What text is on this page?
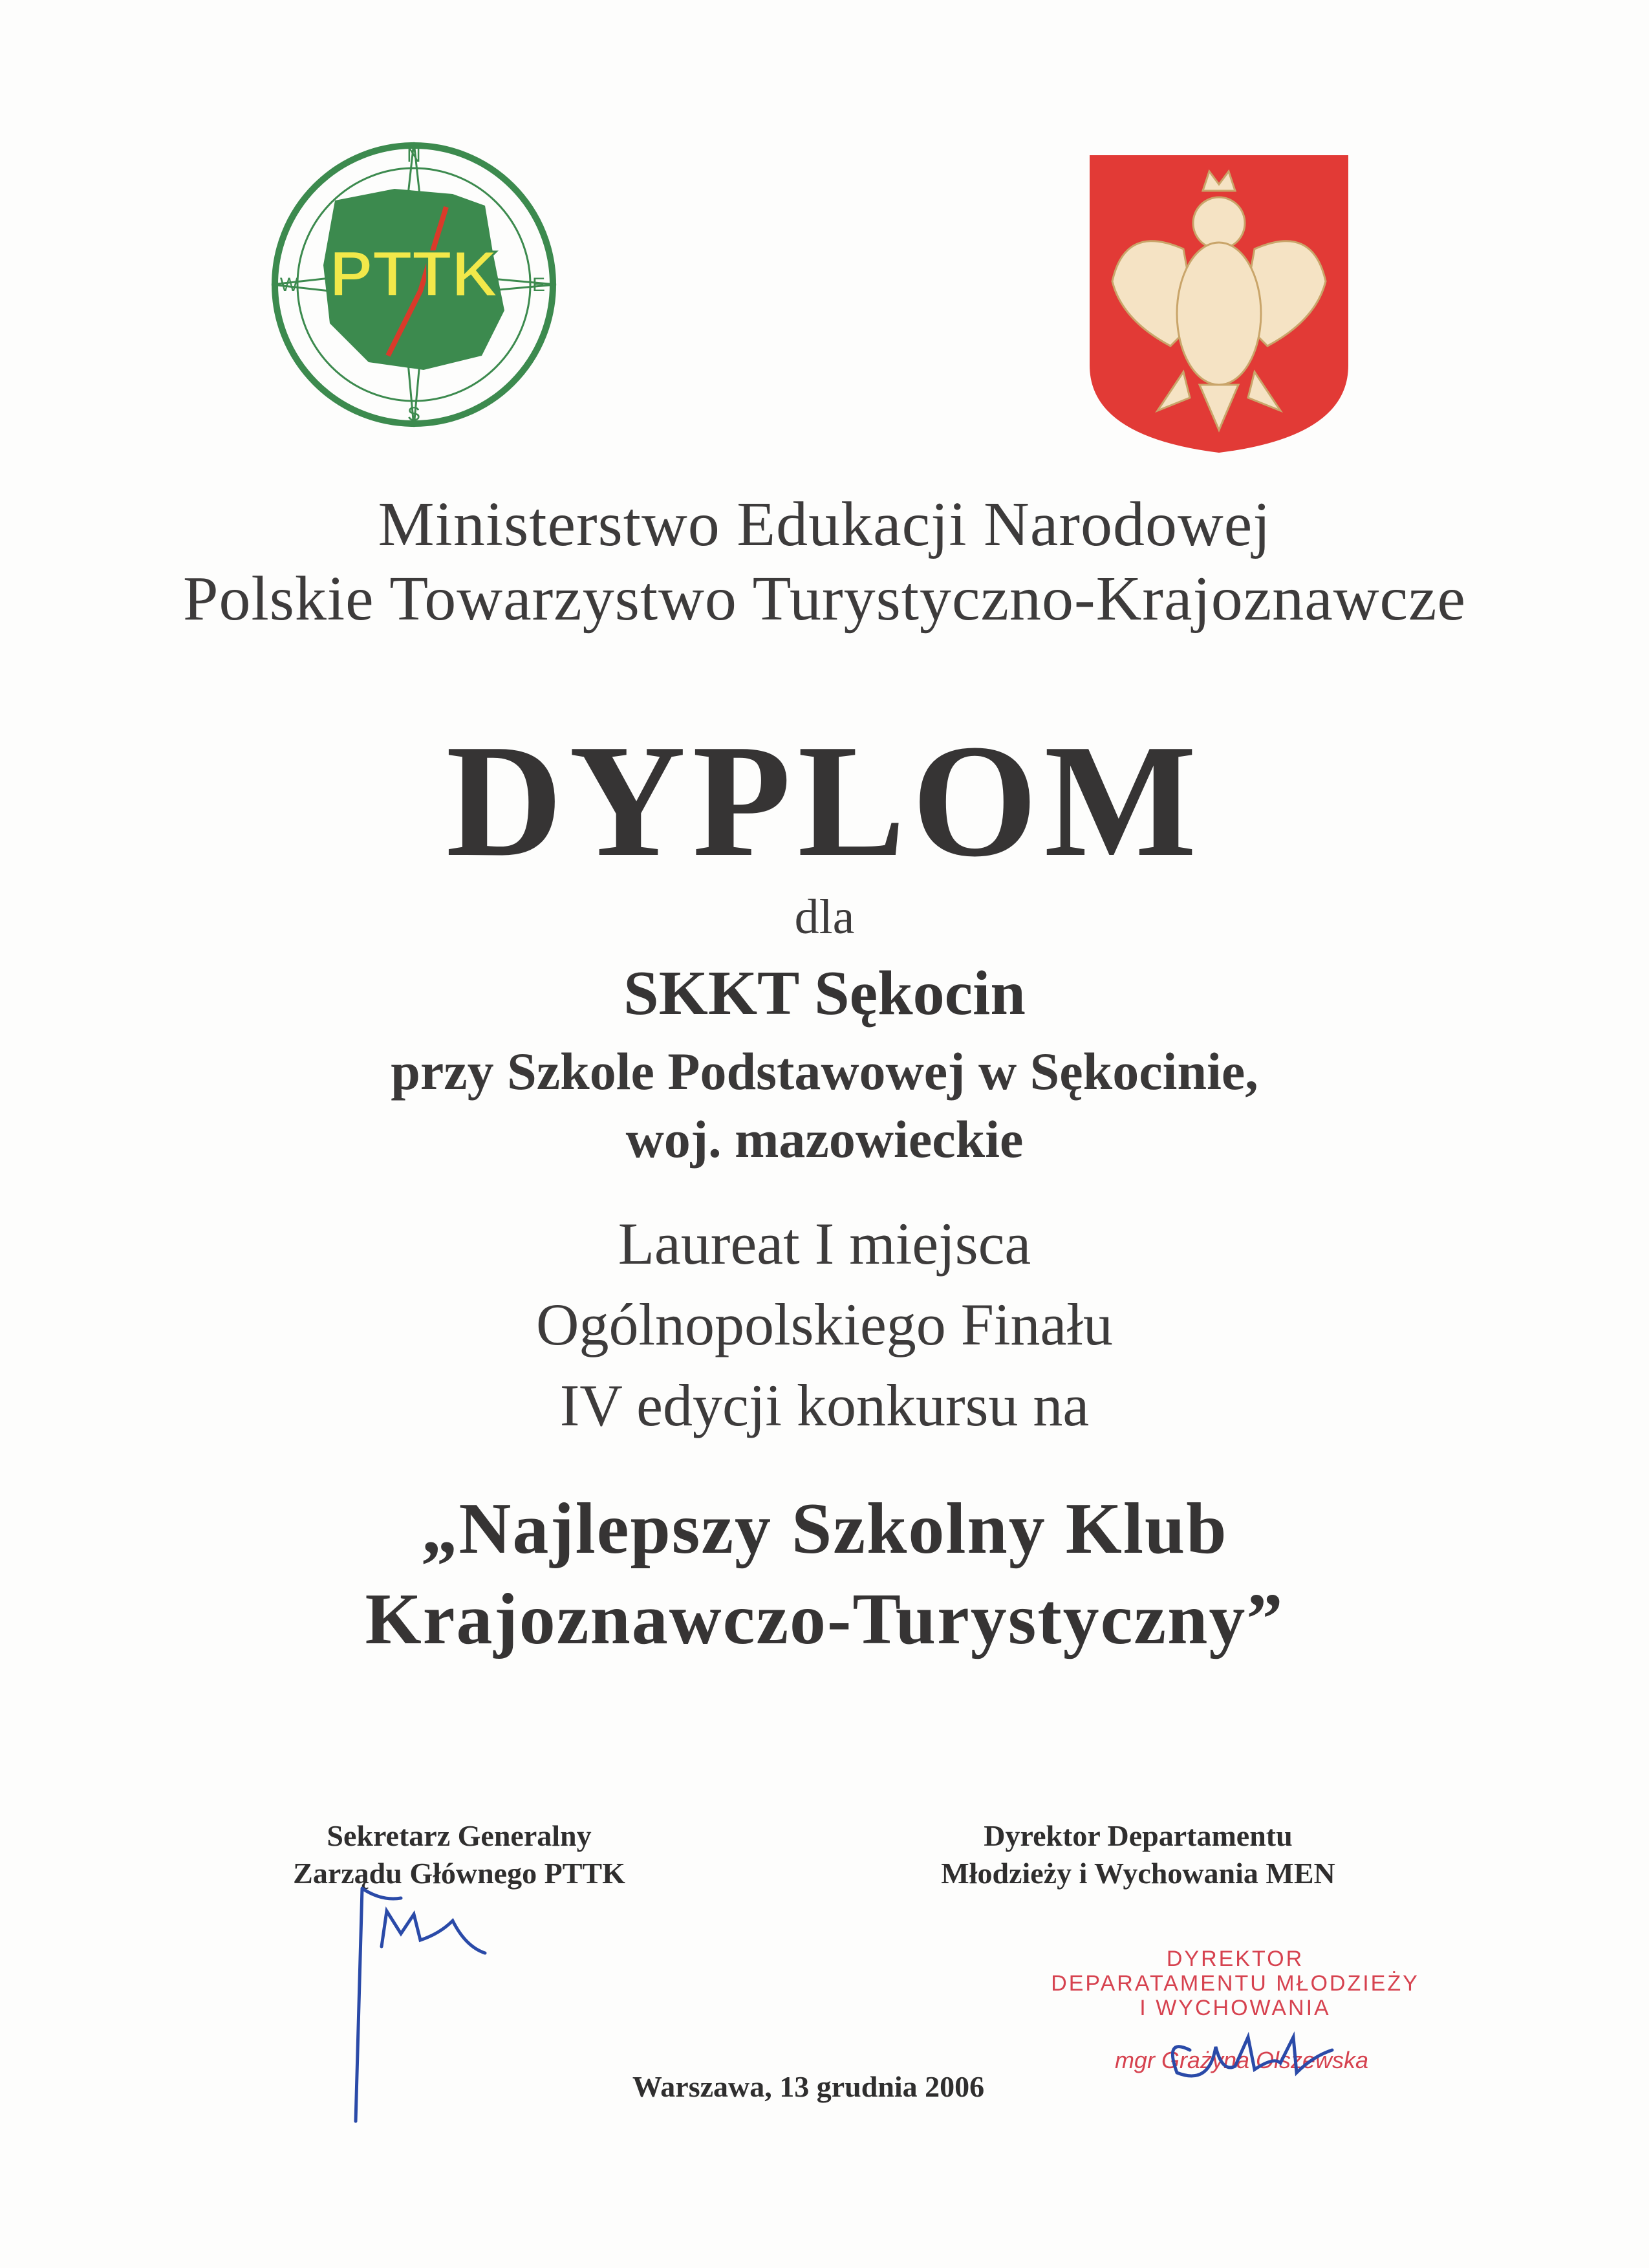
PTTK
N
E
S
W
Ministerstwo Edukacji Narodowej
Polskie Towarzystwo Turystyczno-Krajoznawcze
DYPLOM
dla
SKKT Sękocin
przy Szkole Podstawowej w Sękocinie,
woj. mazowieckie
Laureat I miejsca
Ogólnopolskiego Finału
IV edycji konkursu na
„Najlepszy Szkolny Klub
Krajoznawczo-Turystyczny”
Sekretarz Generalny
Zarządu Głównego PTTK
Dyrektor Departamentu
Młodzieży i Wychowania MEN
DYREKTOR
DEPARATAMENTU MŁODZIEŻY
I WYCHOWANIA
mgr Grażyna Olszewska
Warszawa, 13 grudnia 2006
